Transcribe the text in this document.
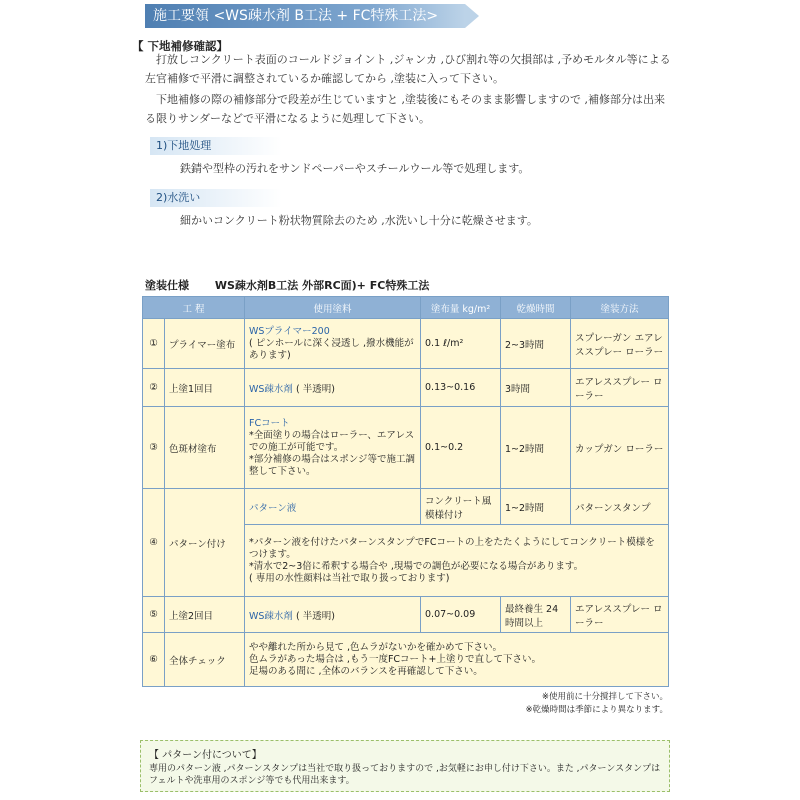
施工要領 <WS疎水剤 B工法 + FC特殊工法>
【 下地補修確認】
打放しコンクリート表面のコールドジョイント ,ジャンカ ,ひび割れ等の欠損部は ,予めモルタル等による左官補修で平滑に調整されているか確認してから ,塗装に入って下さい。
下地補修の際の補修部分で段差が生じていますと ,塗装後にもそのまま影響しますので ,補修部分は出来る限りサンダーなどで平滑になるように処理して下さい。
1)下地処理
鉄錆や型枠の汚れをサンドペーパーやスチールウール等で処理します。
2)水洗い
細かいコンクリート粉状物質除去のため ,水洗いし十分に乾燥させます。
塗装仕様 WS疎水剤B工法 外部RC面)+ FC特殊工法
工 程		使用塗料	塗布量 kg/m²	乾燥時間	塗装方法
①	プライマー塗布	WSプライマー200
( ピンホールに深く浸透し ,撥水機能があります)	0.1 ℓ/m²	2~3時間	スプレーガン エアレススプレー ローラー
②	上塗1回目	WS疎水剤 ( 半透明)	0.13~0.16	3時間	エアレススプレー ローラー
③	色斑材塗布	FCコート
*全面塗りの場合はローラー、エアレスでの施工が可能です。
*部分補修の場合はスポンジ等で施工調整して下さい。	0.1~0.2	1~2時間	カップガン ローラー
④	パターン付け	パターン液	コンクリート風 模様付け	1~2時間	パターンスタンプ

		*パターン液を付けたパターンスタンプでFCコートの上をたたくようにしてコンクリート模様をつけます。
*清水で2~3倍に希釈する場合や ,現場での調色が必要になる場合があります。
( 専用の水性顔料は当社で取り扱っております)			

⑤	上塗2回目	WS疎水剤 ( 半透明)	0.07~0.09	最終養生 24時間以上	エアレススプレー ローラー
⑥	全体チェック	やや離れた所から見て ,色ムラがないかを確かめて下さい。
色ムラがあった場合は ,もう一度FCコート+上塗りで直して下さい。
足場のある間に ,全体のバランスを再確認して下さい。			
※使用前に十分撹拌して下さい。
※乾燥時間は季節により異なります。
【 パターン付について】
専用のパターン液 ,パターンスタンプは当社で取り扱っておりますので ,お気軽にお申し付け下さい。また ,パターンスタンプはフェルトや洗車用のスポンジ等でも代用出来ます。
